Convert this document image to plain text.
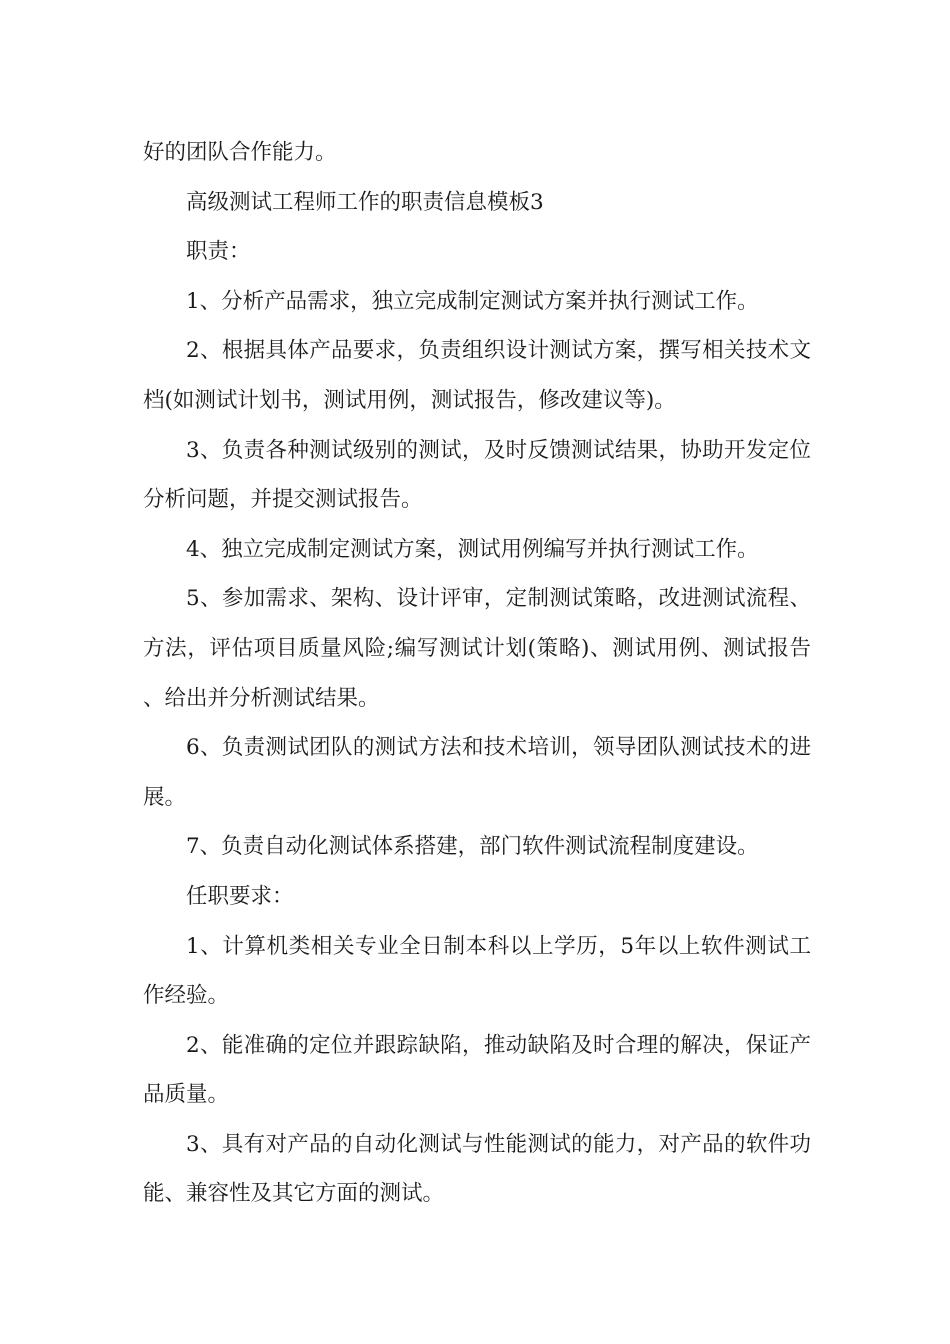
好的团队合作能力。

高级测试工程师工作的职责信息模板3

职责：

1、分析产品需求，独立完成制定测试方案并执行测试工作。

2、根据具体产品要求，负责组织设计测试方案，撰写相关技术文档(如测试计划书，测试用例，测试报告，修改建议等)。

3、负责各种测试级别的测试，及时反馈测试结果，协助开发定位分析问题，并提交测试报告。

4、独立完成制定测试方案，测试用例编写并执行测试工作。

5、参加需求、架构、设计评审，定制测试策略，改进测试流程、方法，评估项目质量风险;编写测试计划(策略)、测试用例、测试报告、给出并分析测试结果。

6、负责测试团队的测试方法和技术培训，领导团队测试技术的进展。

7、负责自动化测试体系搭建，部门软件测试流程制度建设。

任职要求：

1、计算机类相关专业全日制本科以上学历，5年以上软件测试工作经验。

2、能准确的定位并跟踪缺陷，推动缺陷及时合理的解决，保证产品质量。

3、具有对产品的自动化测试与性能测试的能力，对产品的软件功能、兼容性及其它方面的测试。
